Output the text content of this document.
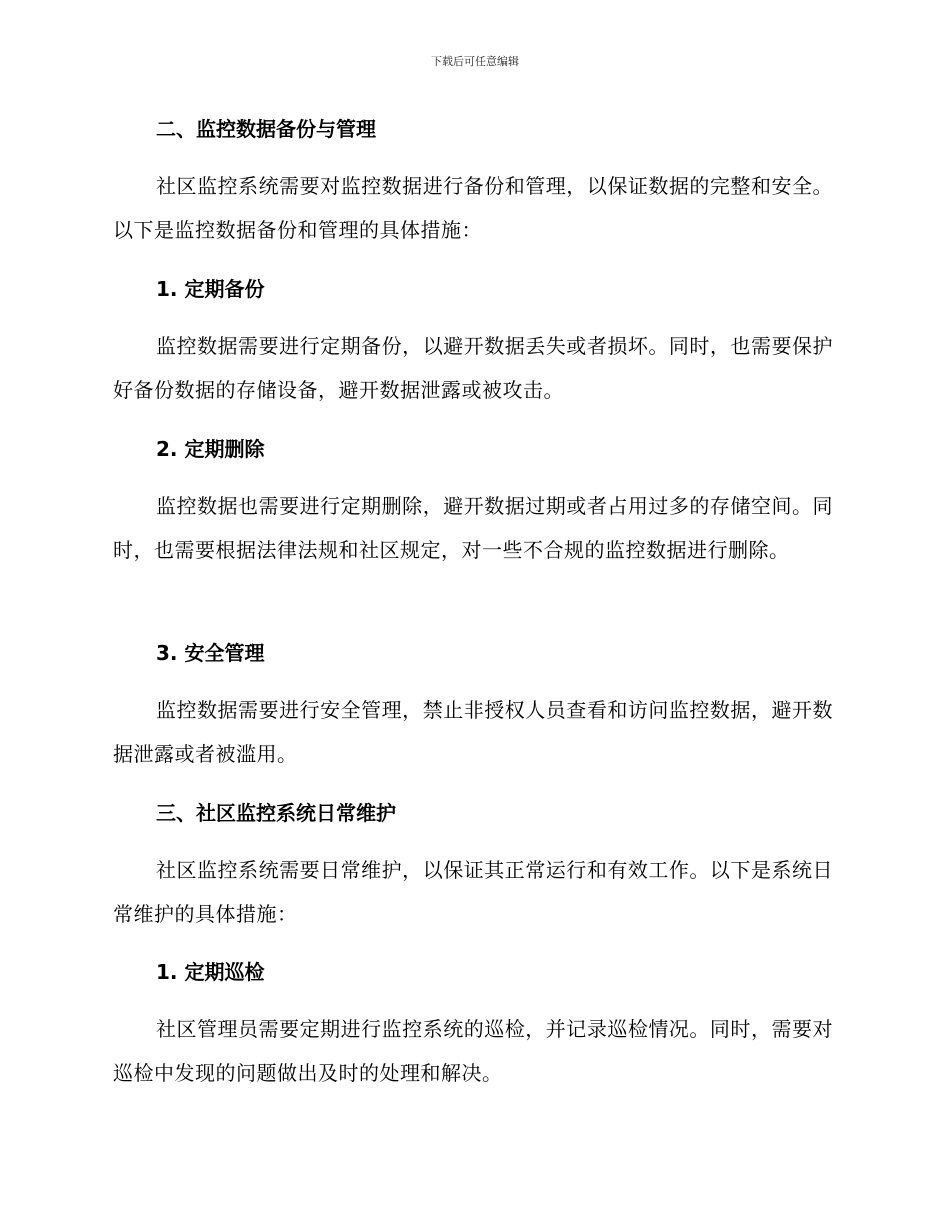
下载后可任意编辑
二、监控数据备份与管理

社区监控系统需要对监控数据进行备份和管理，以保证数据的完整和安全。以下是监控数据备份和管理的具体措施：

1. 定期备份

监控数据需要进行定期备份，以避开数据丢失或者损坏。同时，也需要保护好备份数据的存储设备，避开数据泄露或被攻击。

2. 定期删除

监控数据也需要进行定期删除，避开数据过期或者占用过多的存储空间。同时，也需要根据法律法规和社区规定，对一些不合规的监控数据进行删除。

3. 安全管理

监控数据需要进行安全管理，禁止非授权人员查看和访问监控数据，避开数据泄露或者被滥用。

三、社区监控系统日常维护

社区监控系统需要日常维护，以保证其正常运行和有效工作。以下是系统日常维护的具体措施：

1. 定期巡检

社区管理员需要定期进行监控系统的巡检，并记录巡检情况。同时，需要对巡检中发现的问题做出及时的处理和解决。
